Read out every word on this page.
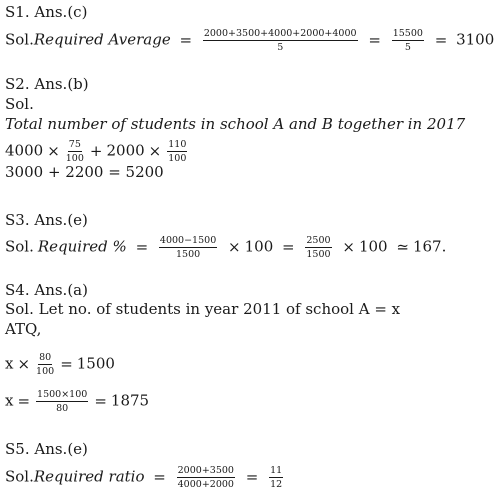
S1. Ans.(c)
Sol.Required Average = $\frac{2000+3500+4000+2000+4000}{5} = \frac{15500}{5} = 3100$
S2. Ans.(b)
Sol.
Total number of students in school A and B together in 2017
$4000 \times \frac{75}{100} + 2000 \times \frac{110}{100}$
3000 + 2200 = 5200
S3. Ans.(e)
Sol. Required % = $\frac{4000-1500}{1500} \times 100 = \frac{2500}{1500} \times 100$ ≃ 167.
S4. Ans.(a)
Sol. Let no. of students in year 2011 of school A = x
ATQ,
$x \times \frac{80}{100} = 1500$
$x = \frac{1500\times 100}{80} = 1875$
S5. Ans.(e)
Sol.Required ratio = $\frac{2000+3500}{4000+2000} = \frac{11}{12}$
